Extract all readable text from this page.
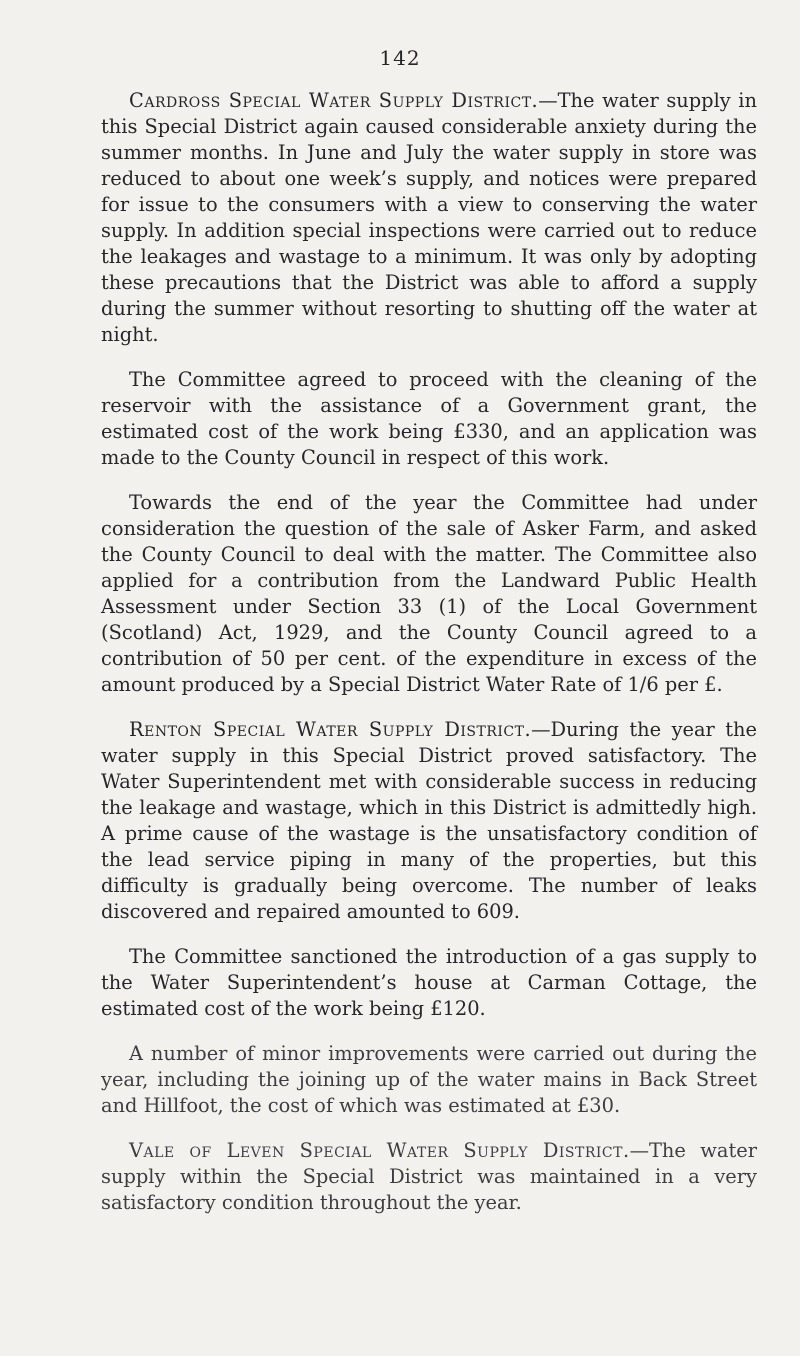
142

Cardross Special Water Supply District.—The water supply in this Special District again caused considerable anxiety during the summer months. In June and July the water supply in store was reduced to about one week’s supply, and notices were prepared for issue to the consumers with a view to conserving the water supply. In addition special inspections were carried out to reduce the leakages and wastage to a minimum. It was only by adopting these precautions that the District was able to afford a supply during the summer without resorting to shutting off the water at night.

The Committee agreed to proceed with the cleaning of the reservoir with the assistance of a Government grant, the estimated cost of the work being £330, and an application was made to the County Council in respect of this work.

Towards the end of the year the Committee had under consideration the question of the sale of Asker Farm, and asked the County Council to deal with the matter. The Committee also applied for a contribution from the Landward Public Health Assessment under Section 33 (1) of the Local Government (Scotland) Act, 1929, and the County Council agreed to a contribution of 50 per cent. of the expenditure in excess of the amount produced by a Special District Water Rate of 1/6 per £.

Renton Special Water Supply District.—During the year the water supply in this Special District proved satisfactory. The Water Superintendent met with considerable success in reducing the leakage and wastage, which in this District is admittedly high. A prime cause of the wastage is the unsatisfactory condition of the lead service piping in many of the properties, but this difficulty is gradually being overcome. The number of leaks discovered and repaired amounted to 609.

The Committee sanctioned the introduction of a gas supply to the Water Superintendent’s house at Carman Cottage, the estimated cost of the work being £120.

A number of minor improvements were carried out during the year, including the joining up of the water mains in Back Street and Hillfoot, the cost of which was estimated at £30.

Vale of Leven Special Water Supply District.—The water supply within the Special District was maintained in a very satisfactory condition throughout the year.
